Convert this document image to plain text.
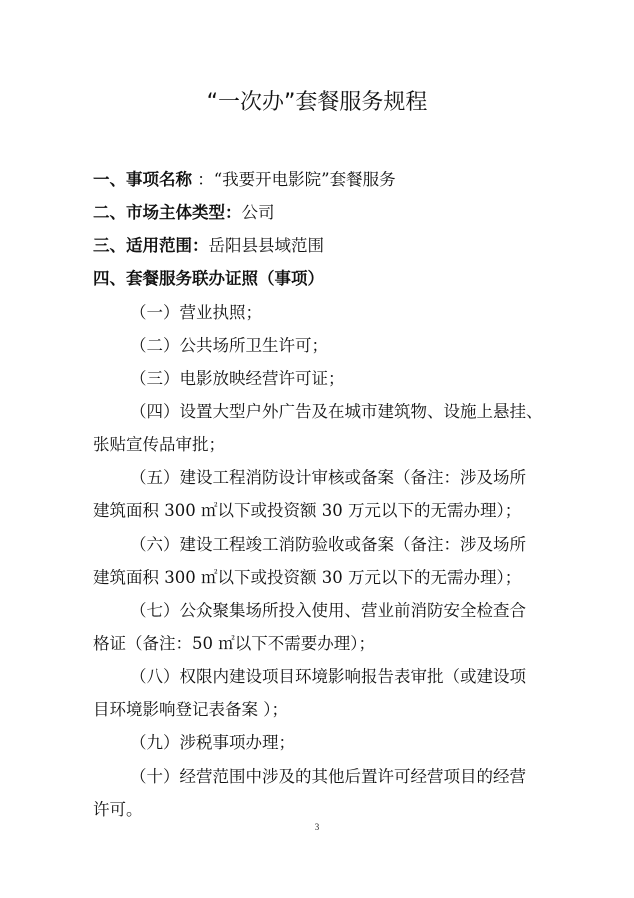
“一次办”套餐服务规程
一、事项名称 ：“我要开电影院”套餐服务
二、市场主体类型：公司
三、适用范围：岳阳县县域范围
四、套餐服务联办证照（事项）
（一）营业执照；
（二）公共场所卫生许可；
（三）电影放映经营许可证；
（四）设置大型户外广告及在城市建筑物、设施上悬挂、
张贴宣传品审批；
（五）建设工程消防设计审核或备案（备注：涉及场所
建筑面积 300 ㎡以下或投资额 30 万元以下的无需办理）；
（六）建设工程竣工消防验收或备案（备注：涉及场所
建筑面积 300 ㎡以下或投资额 30 万元以下的无需办理）；
（七）公众聚集场所投入使用、营业前消防安全检查合
格证（备注：50 ㎡以下不需要办理）；
（八）权限内建设项目环境影响报告表审批（或建设项
目环境影响登记表备案 ）；
（九）涉税事项办理；
（十）经营范围中涉及的其他后置许可经营项目的经营
许可。
3
